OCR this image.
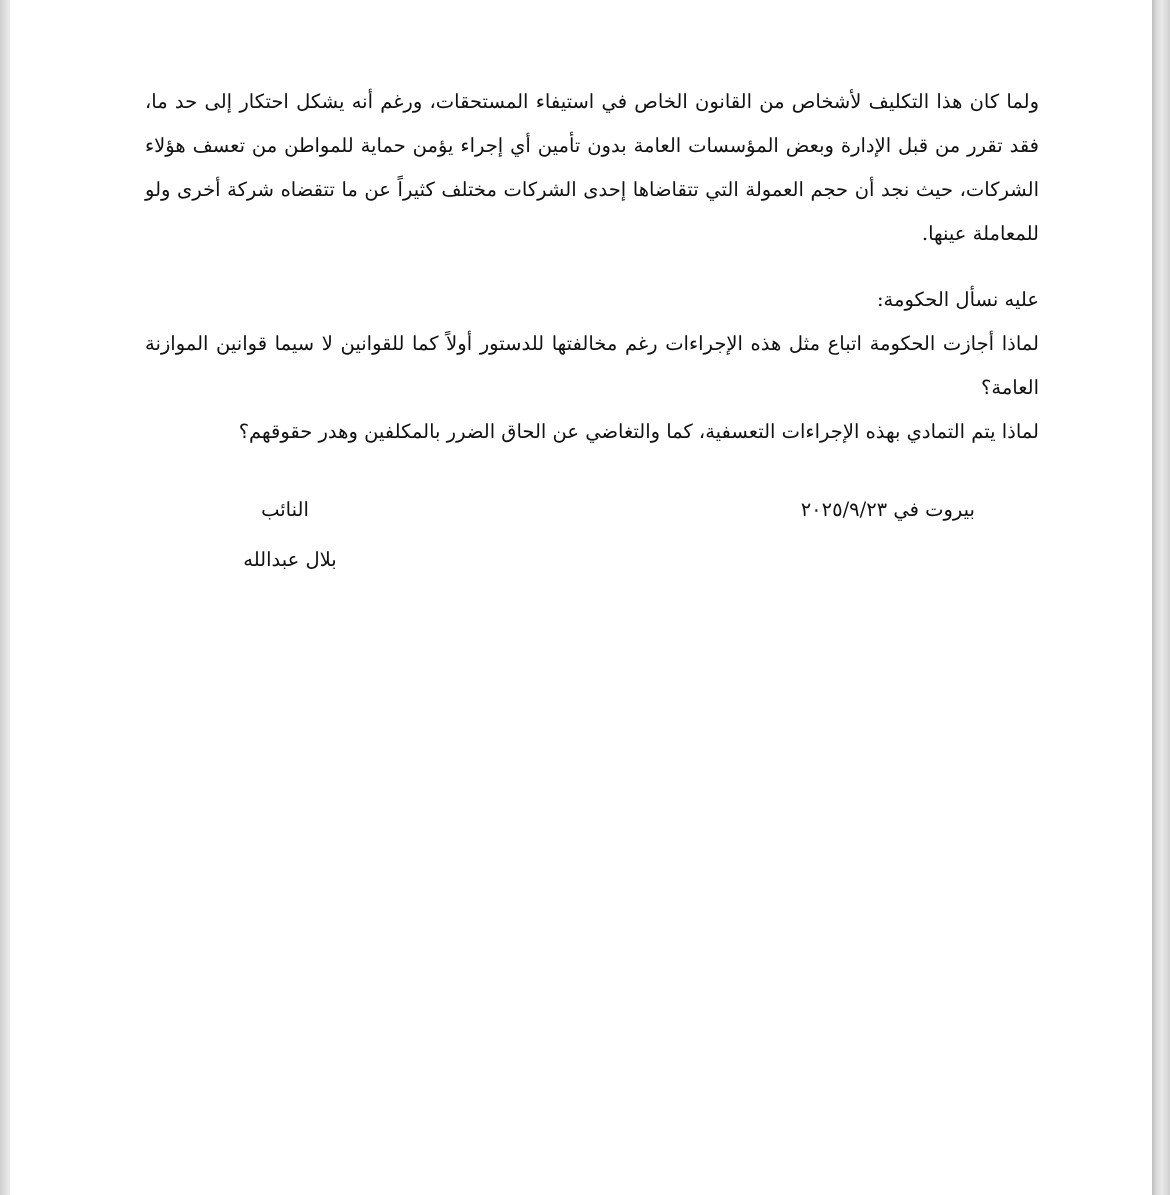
ولما كان هذا التكليف لأشخاص من القانون الخاص في استيفاء المستحقات، ورغم أنه يشكل احتكار إلى حد ما، فقد تقرر من قبل الإدارة وبعض المؤسسات العامة بدون تأمين أي إجراء يؤمن حماية للمواطن من تعسف هؤلاء الشركات، حيث نجد أن حجم العمولة التي تتقاضاها إحدى الشركات مختلف كثيراً عن ما تتقضاه شركة أخرى ولو للمعاملة عينها.

عليه نسأل الحكومة:

لماذا أجازت الحكومة اتباع مثل هذه الإجراءات رغم مخالفتها للدستور أولاً كما للقوانين لا سيما قوانين الموازنة العامة؟

لماذا يتم التمادي بهذه الإجراءات التعسفية، كما والتغاضي عن الحاق الضرر بالمكلفين وهدر حقوقهم؟

بيروت في ٢٠٢٥/٩/٢٣
النائب
بلال عبدالله
